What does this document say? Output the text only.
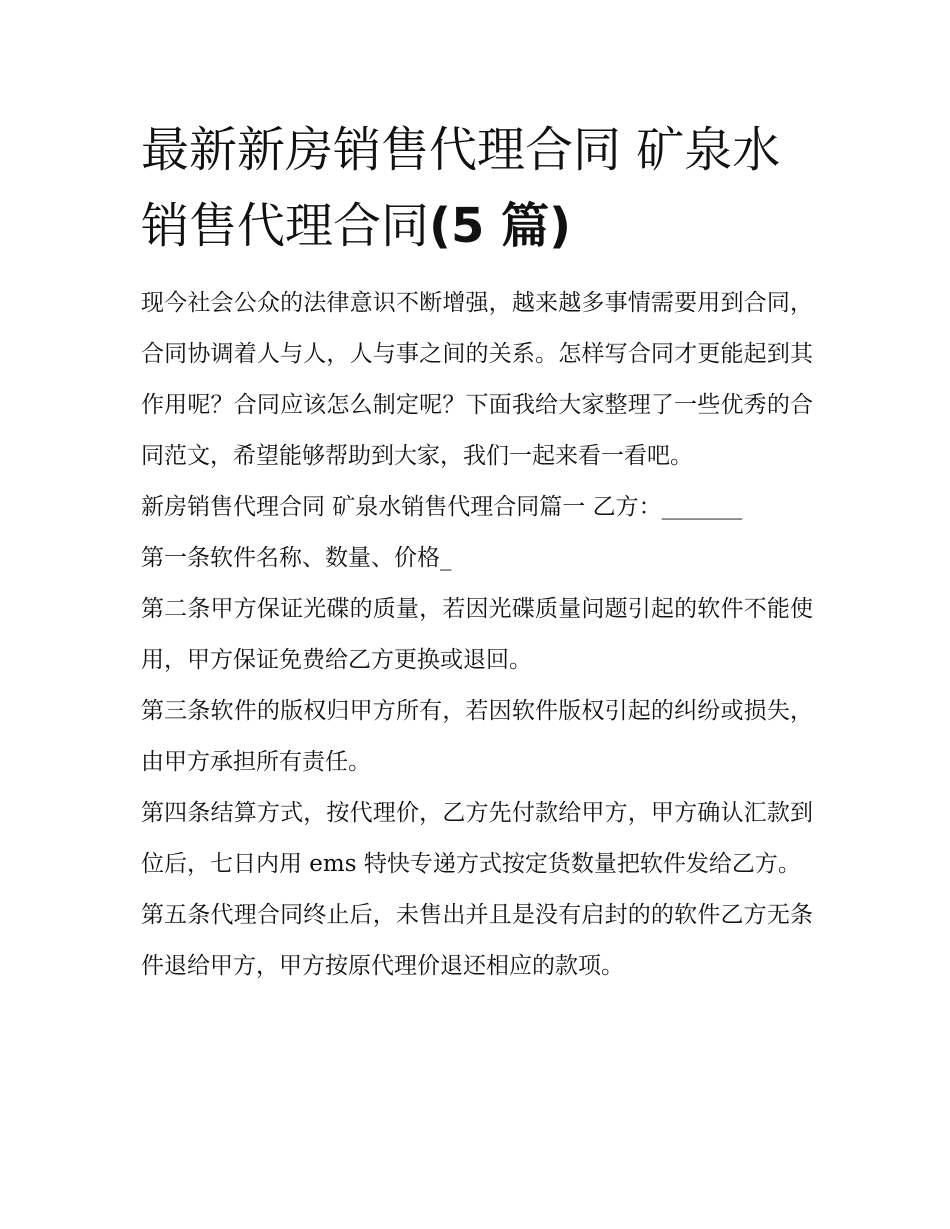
最新新房销售代理合同 矿泉水销售代理合同(5 篇)

现今社会公众的法律意识不断增强，越来越多事情需要用到合同，合同协调着人与人，人与事之间的关系。怎样写合同才更能起到其作用呢？合同应该怎么制定呢？下面我给大家整理了一些优秀的合同范文，希望能够帮助到大家，我们一起来看一看吧。

新房销售代理合同 矿泉水销售代理合同篇一 乙方：_______

第一条软件名称、数量、价格_

第二条甲方保证光碟的质量，若因光碟质量问题引起的软件不能使用，甲方保证免费给乙方更换或退回。

第三条软件的版权归甲方所有，若因软件版权引起的纠纷或损失，由甲方承担所有责任。

第四条结算方式，按代理价，乙方先付款给甲方，甲方确认汇款到位后，七日内用 ems 特快专递方式按定货数量把软件发给乙方。

第五条代理合同终止后，未售出并且是没有启封的的软件乙方无条件退给甲方，甲方按原代理价退还相应的款项。
